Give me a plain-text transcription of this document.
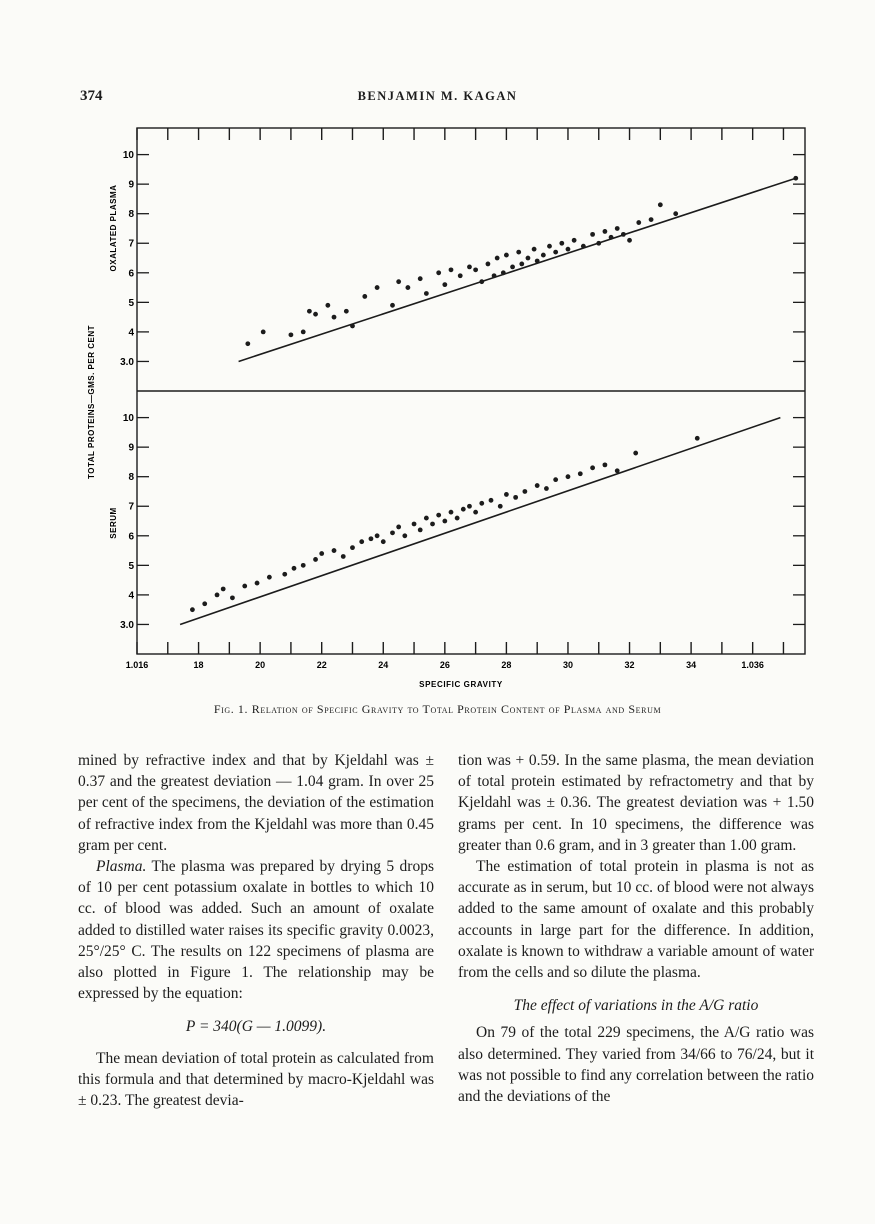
374	BENJAMIN M. KAGAN
3.0
4
5
6
7
8
9
10
3.0
4
5
6
7
8
9
10
1.016	18	20	22	24	26	28	30	32	34	1.036
OXALATED PLASMA
SERUM
TOTAL PROTEINS—GMS. PER CENT
SPECIFIC GRAVITY
Fig. 1. Relation of Specific Gravity to Total Protein Content of Plasma and Serum

mined by refractive index and that by Kjeldahl was ± 0.37 and the greatest deviation — 1.04 gram. In over 25 per cent of the specimens, the deviation of the estimation of refractive index from the Kjeldahl was more than 0.45 gram per cent.

Plasma. The plasma was prepared by drying 5 drops of 10 per cent potassium oxalate in bottles to which 10 cc. of blood was added. Such an amount of oxalate added to distilled water raises its specific gravity 0.0023, 25°/25° C. The results on 122 specimens of plasma are also plotted in Figure 1. The relationship may be expressed by the equation:

P = 340(G — 1.0099).

The mean deviation of total protein as calculated from this formula and that determined by macro-Kjeldahl was ± 0.23. The greatest devia-

tion was + 0.59. In the same plasma, the mean deviation of total protein estimated by refractometry and that by Kjeldahl was ± 0.36. The greatest deviation was + 1.50 grams per cent. In 10 specimens, the difference was greater than 0.6 gram, and in 3 greater than 1.00 gram.

The estimation of total protein in plasma is not as accurate as in serum, but 10 cc. of blood were not always added to the same amount of oxalate and this probably accounts in large part for the difference. In addition, oxalate is known to withdraw a variable amount of water from the cells and so dilute the plasma.

The effect of variations in the A/G ratio

On 79 of the total 229 specimens, the A/G ratio was also determined. They varied from 34/66 to 76/24, but it was not possible to find any correlation between the ratio and the deviations of the
